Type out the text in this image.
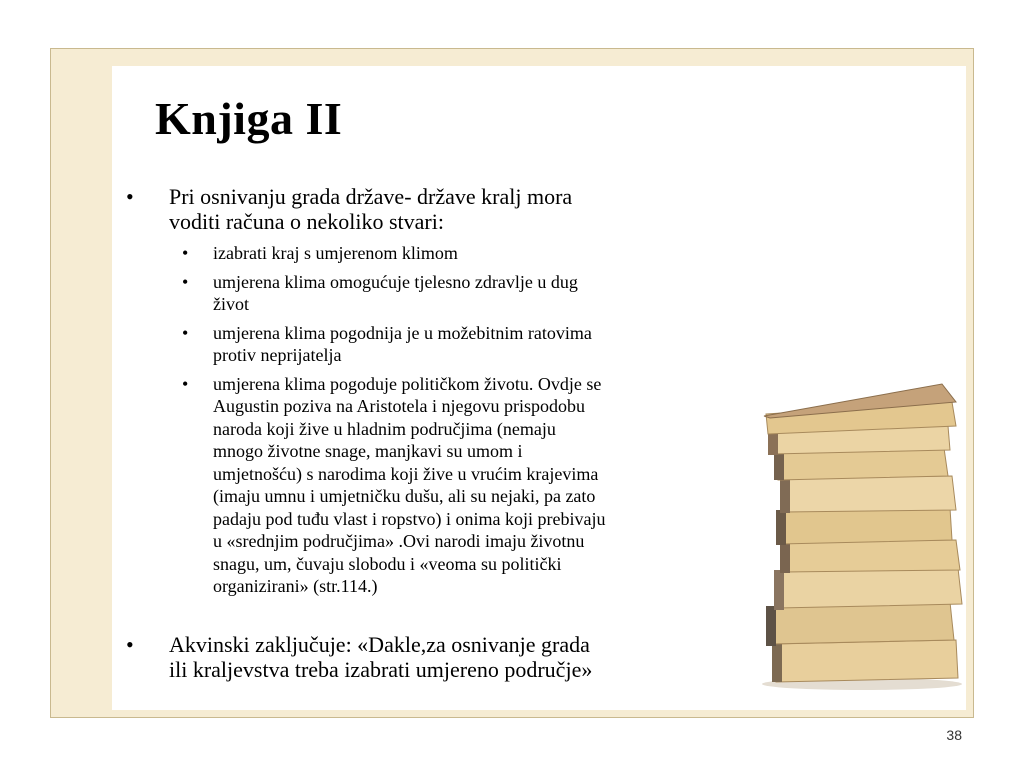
Knjiga II
• Pri osnivanju grada države- države kralj mora
voditi računa o nekoliko stvari:
• izabrati kraj s umjerenom klimom
• umjerena klima omogućuje tjelesno zdravlje u dug
život
• umjerena klima pogodnija je u možebitnim ratovima
protiv neprijatelja
• umjerena klima pogoduje političkom životu. Ovdje se
Augustin poziva na Aristotela i njegovu prispodobu
naroda koji žive u hladnim područjima (nemaju
mnogo životne snage, manjkavi su umom i
umjetnošću) s narodima koji žive u vrućim krajevima
(imaju umnu i umjetničku dušu, ali su nejaki, pa zato
padaju pod tuđu vlast i ropstvo) i onima koji prebivaju
u «srednjim područjima» .Ovi narodi imaju životnu
snagu, um, čuvaju slobodu i «veoma su politički
organizirani» (str.114.)
• Akvinski zaključuje: «Dakle,za osnivanje grada
ili kraljevstva treba izabrati umjereno područje»
38
